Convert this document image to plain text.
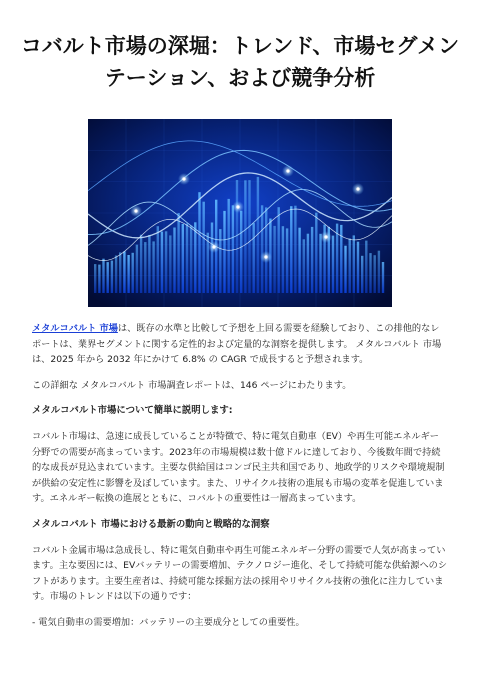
コバルト市場の深堀：トレンド、市場セグメン
テーション、および競争分析

メタルコバルト 市場は、既存の水準と比較して予想を上回る需要を経験しており、この排他的なレポートは、業界セグメントに関する定性的および定量的な洞察を提供します。 メタルコバルト 市場は、2025 年から 2032 年にかけて 6.8% の CAGR で成長すると予想されます。

この詳細な メタルコバルト 市場調査レポートは、146 ページにわたります。

メタルコバルト市場について簡単に説明します:

コバルト市場は、急速に成長していることが特徴で、特に電気自動車（EV）や再生可能エネルギー分野での需要が高まっています。2023年の市場規模は数十億ドルに達しており、今後数年間で持続的な成長が見込まれています。主要な供給国はコンゴ民主共和国であり、地政学的リスクや環境規制が供給の安定性に影響を及ぼしています。また、リサイクル技術の進展も市場の変革を促進しています。エネルギー転換の進展とともに、コバルトの重要性は一層高まっています。

メタルコバルト 市場における最新の動向と戦略的な洞察

コバルト金属市場は急成長し、特に電気自動車や再生可能エネルギー分野の需要で人気が高まっています。主な要因には、EVバッテリーの需要増加、テクノロジー進化、そして持続可能な供給源へのシフトがあります。主要生産者は、持続可能な採掘方法の採用やリサイクル技術の強化に注力しています。市場のトレンドは以下の通りです：

- 電気自動車の需要増加：バッテリーの主要成分としての重要性。
